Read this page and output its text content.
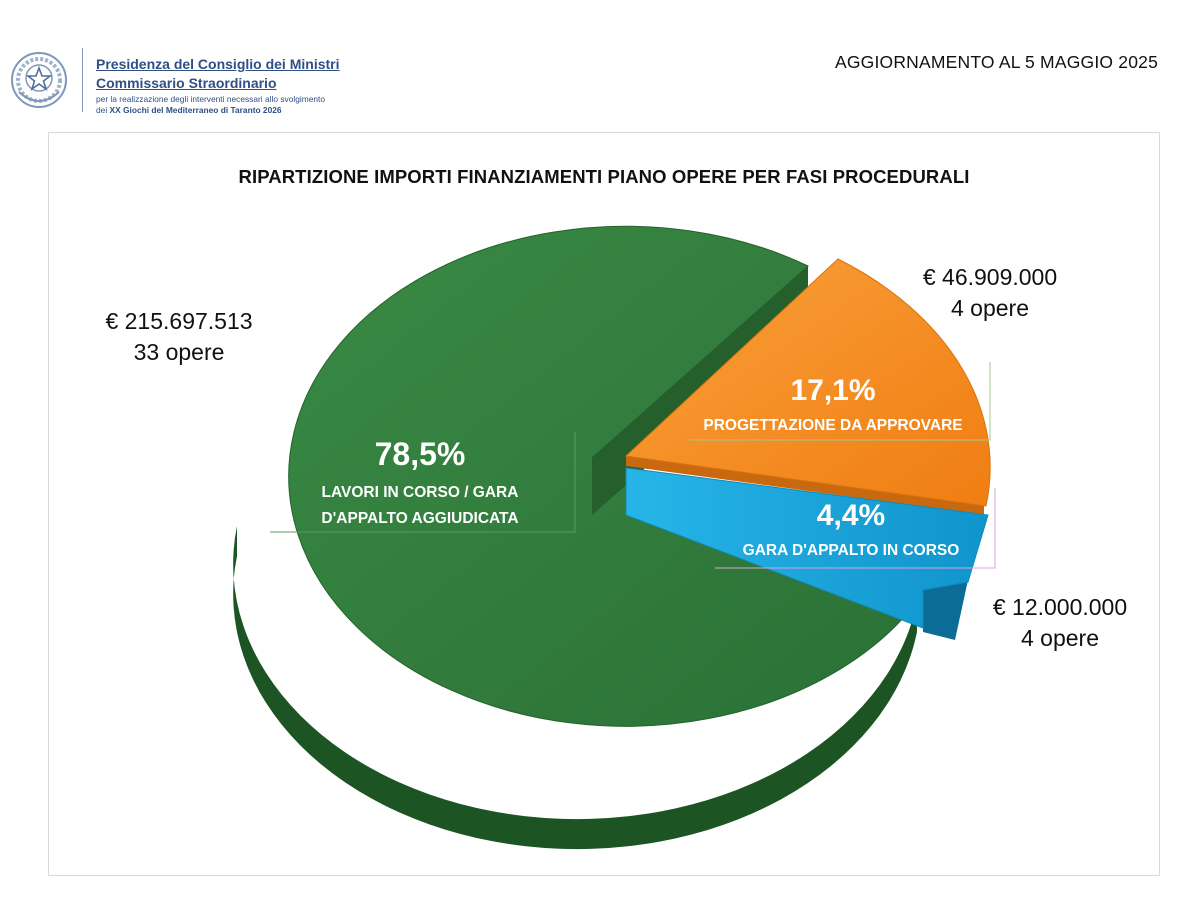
Presidenza del Consiglio dei Ministri
Commissario Straordinario
per la realizzazione degli interventi necessari allo svolgimento
dei XX Giochi del Mediterraneo di Taranto 2026
AGGIORNAMENTO AL 5 MAGGIO 2025
RIPARTIZIONE IMPORTI FINANZIAMENTI PIANO OPERE PER FASI PROCEDURALI
78,5%
LAVORI IN CORSO / GARA
D'APPALTO AGGIUDICATA
17,1%
PROGETTAZIONE DA APPROVARE
4,4%
GARA D'APPALTO IN CORSO
€ 215.697.513
33 opere
€ 46.909.000
4 opere
€ 12.000.000
4 opere
